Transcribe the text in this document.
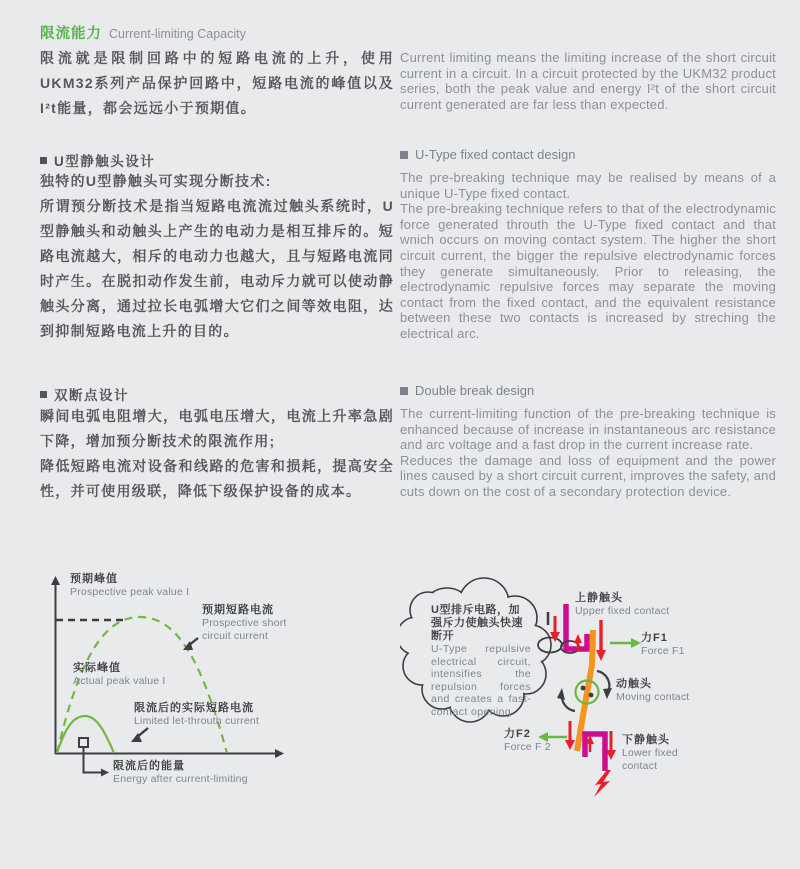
限流能力 Current-limiting Capacity

限流就是限制回路中的短路电流的上升，使用UKM32系列产品保护回路中，短路电流的峰值以及I²t能量，都会远远小于预期值。

U型静触头设计

独特的U型静触头可实现分断技术:

所谓预分断技术是指当短路电流流过触头系统时，U型静触头和动触头上产生的电动力是相互排斥的。短路电流越大，相斥的电动力也越大，且与短路电流同时产生。在脱扣动作发生前，电动斥力就可以使动静触头分离，通过拉长电弧增大它们之间等效电阻，达到抑制短路电流上升的目的。

双断点设计

瞬间电弧电阻增大，电弧电压增大，电流上升率急剧下降，增加预分断技术的限流作用;

降低短路电流对设备和线路的危害和损耗，提高安全性，并可使用级联，降低下级保护设备的成本。

Current limiting means the limiting increase of the short circuit current in a circuit. In a circuit protected by the UKM32 product series, both the peak value and energy I²t of the short circuit current generated are far less than expected.

U-Type fixed contact design

The pre-breaking technique may be realised by means of a unique U-Type fixed contact.

The pre-breaking technique refers to that of the electrodynamic force generated throuth the U-Type fixed contact and that wnich occurs on moving contact system. The higher the short circuit current, the bigger the repulsive electrodynamic forces they generate simultaneously. Prior to releasing, the electrodynamic repulsive forces may separate the moving contact from the fixed contact, and the equivalent resistance between these two contacts is increased by streching the electrical arc.

Double break design

The current-limiting function of the pre-breaking technique is enhanced because of increase in instantaneous arc resistance and arc voltage and a fast drop in the current increase rate.

Reduces the damage and loss of equipment and the power lines caused by a short circuit current, improves the safety, and cuts down on the cost of a secondary protection device.

预期峰值
Prospective peak value I
预期短路电流
Prospective short circuit current
实际峰值
Actual peak value I
限流后的实际短路电流
Limited let-throuth current
限流后的能量
Energy after current-limiting
U型排斥电路，加强斥力使触头快速断开
U-Type repulsive electrical circuit, intensifies the repulsion forces and creates a fast-contact opening.
上静触头
Upper fixed contact
力F1
Force F1
动触头
Moving contact
力F2
Force F 2
下静触头
Lower fixed contact
